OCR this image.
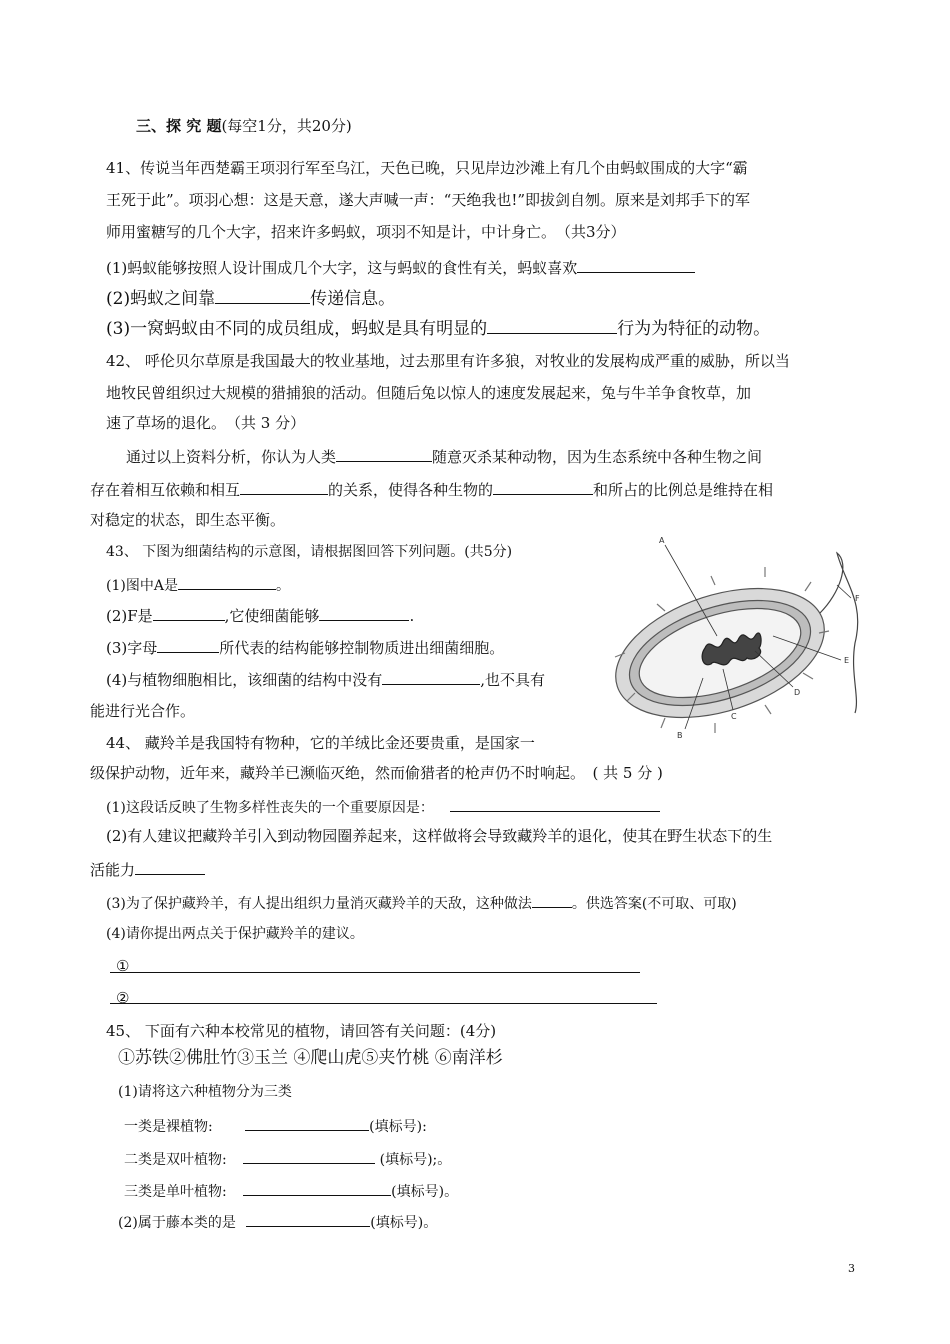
三、探 究 题(每空1分，共20分)
41、传说当年西楚霸王项羽行军至乌江，天色已晚，只见岸边沙滩上有几个由蚂蚁围成的大字“霸
王死于此”。项羽心想：这是天意，遂大声喊一声：“天绝我也!”即拔剑自刎。原来是刘邦手下的军
师用蜜糖写的几个大字，招来许多蚂蚁，项羽不知是计，中计身亡。　（共3分）
(1)蚂蚁能够按照人设计围成几个大字，这与蚂蚁的食性有关，蚂蚁喜欢
(2)蚂蚁之间靠	传递信息。
(3)一窝蚂蚁由不同的成员组成，蚂蚁是具有明显的	行为为特征的动物。
42、 呼伦贝尔草原是我国最大的牧业基地，过去那里有许多狼，对牧业的发展构成严重的威胁，所以当
地牧民曾组织过大规模的猎捕狼的活动。但随后兔以惊人的速度发展起来，兔与牛羊争食牧草，加
速了草场的退化。　（共 3 分）
通过以上资料分析，你认为人类	随意灭杀某种动物，因为生态系统中各种生物之间
存在着相互依赖和相互	的关系，使得各种生物的	和所占的比例总是维持在相
对稳定的状态，即生态平衡。
43、 下图为细菌结构的示意图，请根据图回答下列问题。(共5分)
(1)图中A是	。
(2)F是	,它使细菌能够	.
(3)字母	所代表的结构能够控制物质进出细菌细胞。
(4)与植物细胞相比，该细菌的结构中没有	,也不具有
能进行光合作。
A
B
C
D
E
F
44、 藏羚羊是我国特有物种，它的羊绒比金还要贵重，是国家一
级保护动物，近年来，藏羚羊已濒临灭绝，然而偷猎者的枪声仍不时响起。　( 共 5 分 )
(1)这段话反映了生物多样性丧失的一个重要原因是：
(2)有人建议把藏羚羊引入到动物园圈养起来，这样做将会导致藏羚羊的退化，使其在野生状态下的生
活能力
(3)为了保护藏羚羊，有人提出组织力量消灭藏羚羊的天敌，这种做法	。供选答案(不可取、可取)
(4)请你提出两点关于保护藏羚羊的建议。
①
②
45、 下面有六种本校常见的植物，请回答有关问题：(4分)
①苏铁②佛肚竹③玉兰 ④爬山虎⑤夹竹桃 ⑥南洋杉
(1)请将这六种植物分为三类
一类是裸植物:	(填标号):
二类是双叶植物:	(填标号);。
三类是单叶植物:	(填标号)。
(2)属于藤本类的是	(填标号)。
3
